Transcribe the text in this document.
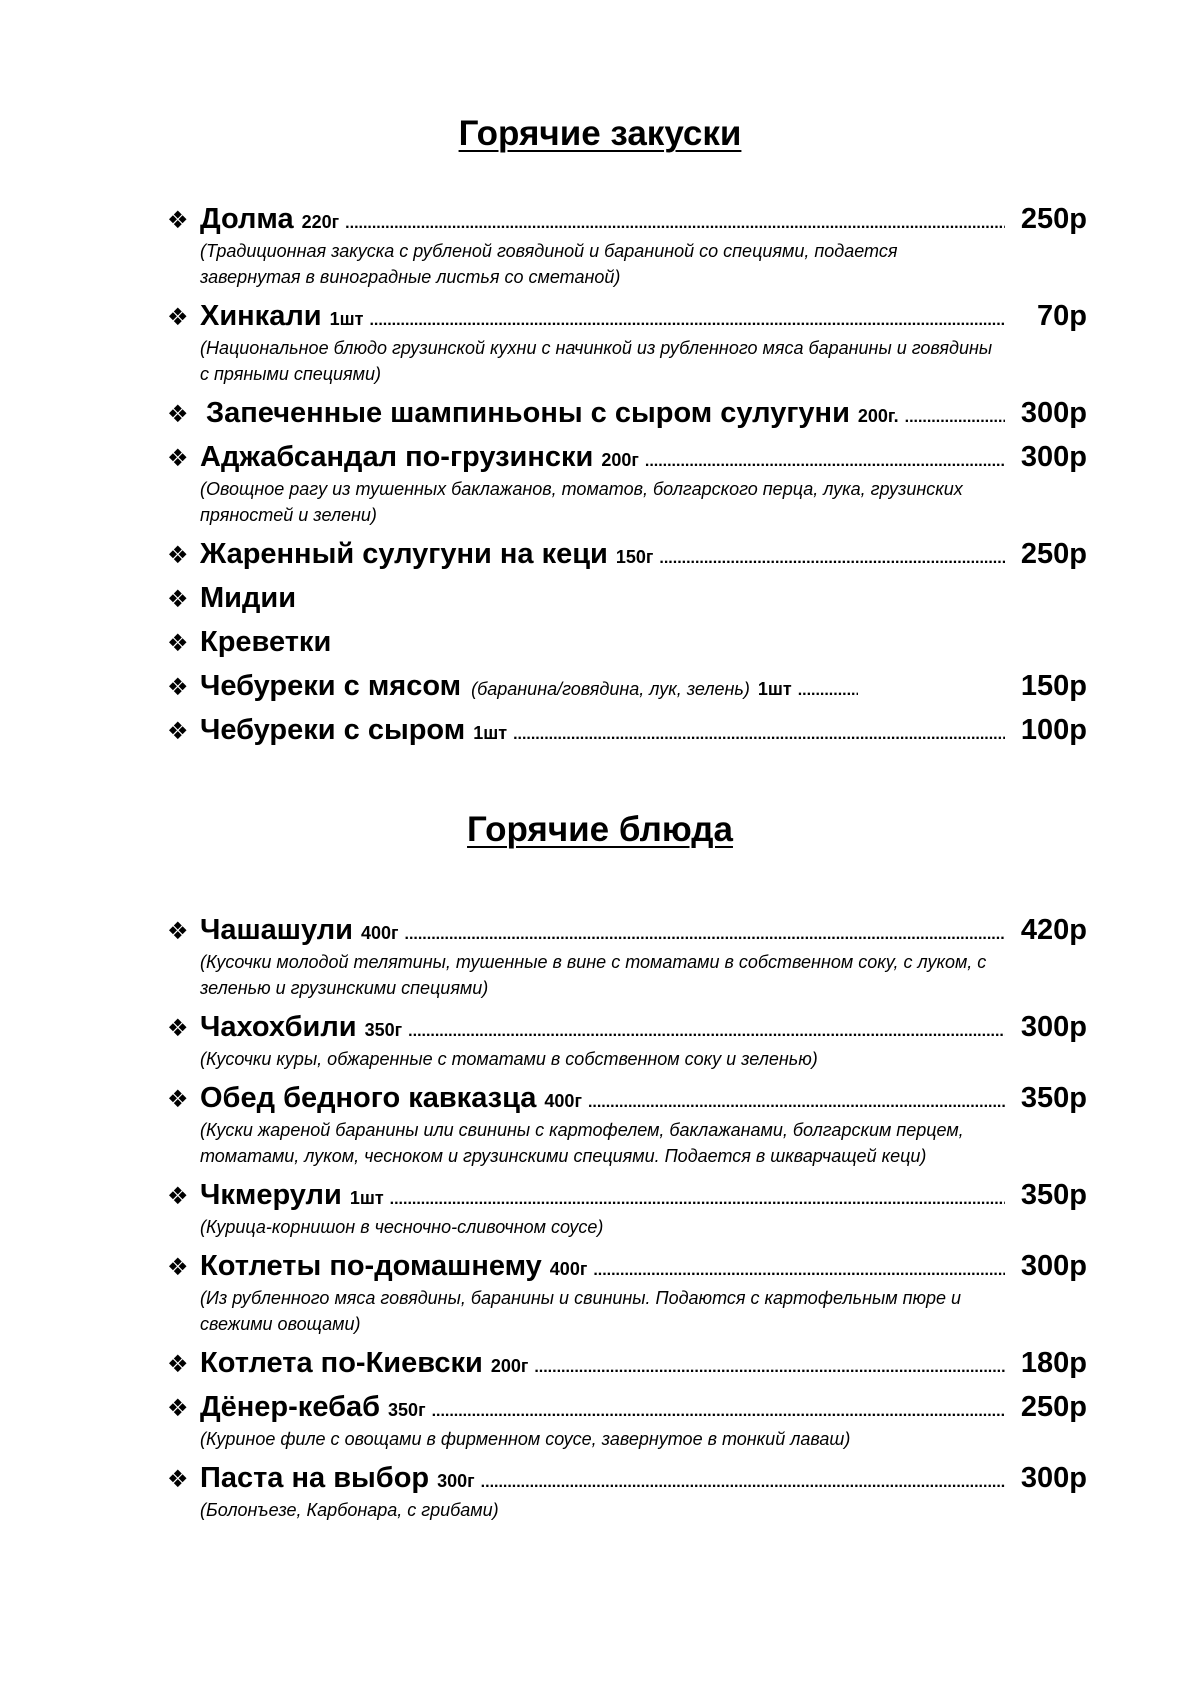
Горячие закуски
❖ Долма 220г .....	250р
(Традиционная закуска с рубленой говядиной и бараниной со специями, подается завернутая в виноградные листья со сметаной)
❖ Хинкали 1шт .....	70р
(Национальное блюдо грузинской кухни с начинкой из рубленного мяса баранины и говядины с пряными специями)
❖ Запеченные шампиньоны с сыром сулугуни 200г. .....	300р
❖ Аджабсандал по-грузински 200г .....	300р
(Овощное рагу из тушенных баклажанов, томатов, болгарского перца, лука, грузинских пряностей и зелени)
❖ Жаренный сулугуни на кеци 150г .....	250р
❖ Мидии
❖ Креветки
❖ Чебуреки с мясом (баранина/говядина, лук, зелень) 1шт .....	150р
❖ Чебуреки с сыром 1шт .....	100р
Горячие блюда
❖ Чашашули 400г .....	420р
(Кусочки молодой телятины, тушенные в вине с томатами в собственном соку, с луком, с зеленью и грузинскими специями)
❖ Чахохбили 350г .....	300р
(Кусочки куры, обжаренные с томатами в собственном соку и зеленью)
❖ Обед бедного кавказца 400г .....	350р
(Куски жареной баранины или свинины с картофелем, баклажанами, болгарским перцем, томатами, луком, чесноком и грузинскими специями. Подается в шкварчащей кеци)
❖ Чкмерули 1шт .....	350р
(Курица-корнишон в чесночно-сливочном соусе)
❖ Котлеты по-домашнему 400г .....	300р
(Из рубленного мяса говядины, баранины и свинины. Подаются с картофельным пюре и свежими овощами)
❖ Котлета по-Киевски 200г .....	180р
❖ Дёнер-кебаб 350г .....	250р
(Куриное филе с овощами в фирменном соусе, завернутое в тонкий лаваш)
❖ Паста на выбор 300г .....	300р
(Болонъезе, Карбонара, с грибами)
